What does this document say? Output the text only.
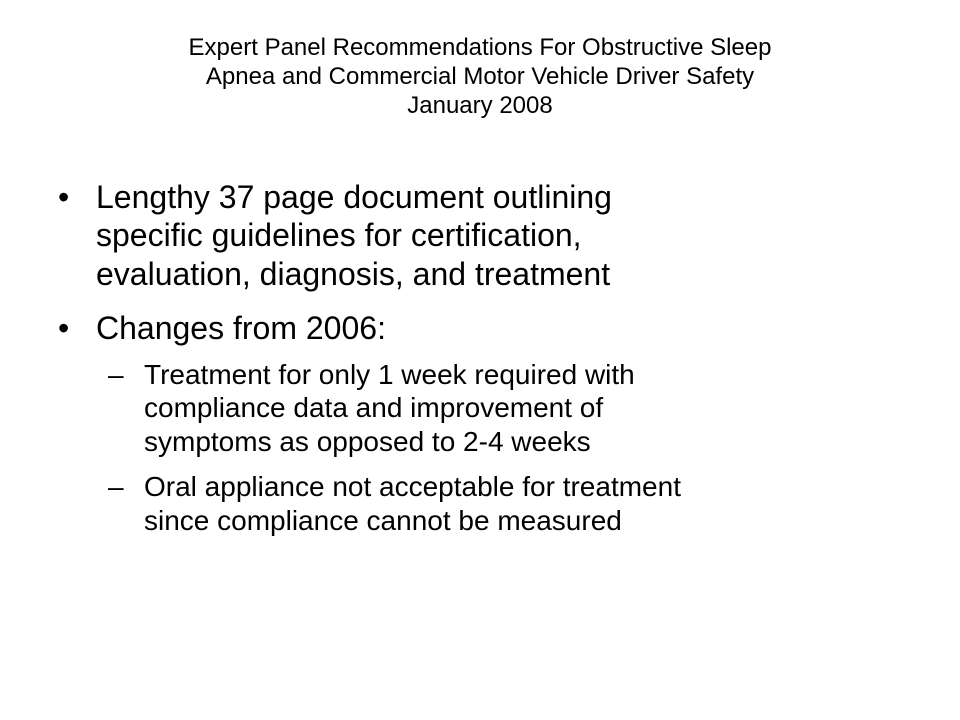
Expert Panel Recommendations For Obstructive Sleep
Apnea and Commercial Motor Vehicle Driver Safety
January 2008
• Lengthy 37 page document outlining
specific guidelines for certification,
evaluation, diagnosis, and treatment
• Changes from 2006:
– Treatment for only 1 week required with
compliance data and improvement of
symptoms as opposed to 2-4 weeks
– Oral appliance not acceptable for treatment
since compliance cannot be measured
